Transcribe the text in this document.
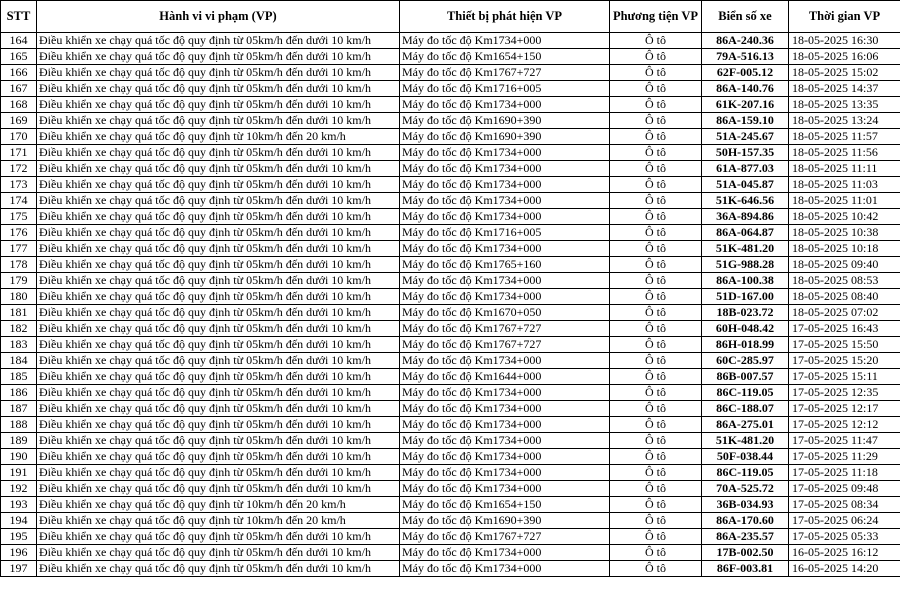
STT	Hành vi vi phạm (VP)	Thiết bị phát hiện VP	Phương tiện VP	Biển số xe	Thời gian VP
164	Điều khiển xe chạy quá tốc độ quy định từ 05km/h đến dưới 10 km/h	Máy đo tốc độ Km1734+000	Ô tô	86A-240.36	18-05-2025 16:30
165	Điều khiển xe chạy quá tốc độ quy định từ 05km/h đến dưới 10 km/h	Máy đo tốc độ Km1654+150	Ô tô	79A-516.13	18-05-2025 16:06
166	Điều khiển xe chạy quá tốc độ quy định từ 05km/h đến dưới 10 km/h	Máy đo tốc độ Km1767+727	Ô tô	62F-005.12	18-05-2025 15:02
167	Điều khiển xe chạy quá tốc độ quy định từ 05km/h đến dưới 10 km/h	Máy đo tốc độ Km1716+005	Ô tô	86A-140.76	18-05-2025 14:37
168	Điều khiển xe chạy quá tốc độ quy định từ 05km/h đến dưới 10 km/h	Máy đo tốc độ Km1734+000	Ô tô	61K-207.16	18-05-2025 13:35
169	Điều khiển xe chạy quá tốc độ quy định từ 05km/h đến dưới 10 km/h	Máy đo tốc độ Km1690+390	Ô tô	86A-159.10	18-05-2025 13:24
170	Điều khiển xe chạy quá tốc độ quy định từ 10km/h đến 20 km/h	Máy đo tốc độ Km1690+390	Ô tô	51A-245.67	18-05-2025 11:57
171	Điều khiển xe chạy quá tốc độ quy định từ 05km/h đến dưới 10 km/h	Máy đo tốc độ Km1734+000	Ô tô	50H-157.35	18-05-2025 11:56
172	Điều khiển xe chạy quá tốc độ quy định từ 05km/h đến dưới 10 km/h	Máy đo tốc độ Km1734+000	Ô tô	61A-877.03	18-05-2025 11:11
173	Điều khiển xe chạy quá tốc độ quy định từ 05km/h đến dưới 10 km/h	Máy đo tốc độ Km1734+000	Ô tô	51A-045.87	18-05-2025 11:03
174	Điều khiển xe chạy quá tốc độ quy định từ 05km/h đến dưới 10 km/h	Máy đo tốc độ Km1734+000	Ô tô	51K-646.56	18-05-2025 11:01
175	Điều khiển xe chạy quá tốc độ quy định từ 05km/h đến dưới 10 km/h	Máy đo tốc độ Km1734+000	Ô tô	36A-894.86	18-05-2025 10:42
176	Điều khiển xe chạy quá tốc độ quy định từ 05km/h đến dưới 10 km/h	Máy đo tốc độ Km1716+005	Ô tô	86A-064.87	18-05-2025 10:38
177	Điều khiển xe chạy quá tốc độ quy định từ 05km/h đến dưới 10 km/h	Máy đo tốc độ Km1734+000	Ô tô	51K-481.20	18-05-2025 10:18
178	Điều khiển xe chạy quá tốc độ quy định từ 05km/h đến dưới 10 km/h	Máy đo tốc độ Km1765+160	Ô tô	51G-988.28	18-05-2025 09:40
179	Điều khiển xe chạy quá tốc độ quy định từ 05km/h đến dưới 10 km/h	Máy đo tốc độ Km1734+000	Ô tô	86A-100.38	18-05-2025 08:53
180	Điều khiển xe chạy quá tốc độ quy định từ 05km/h đến dưới 10 km/h	Máy đo tốc độ Km1734+000	Ô tô	51D-167.00	18-05-2025 08:40
181	Điều khiển xe chạy quá tốc độ quy định từ 05km/h đến dưới 10 km/h	Máy đo tốc độ Km1670+050	Ô tô	18B-023.72	18-05-2025 07:02
182	Điều khiển xe chạy quá tốc độ quy định từ 05km/h đến dưới 10 km/h	Máy đo tốc độ Km1767+727	Ô tô	60H-048.42	17-05-2025 16:43
183	Điều khiển xe chạy quá tốc độ quy định từ 05km/h đến dưới 10 km/h	Máy đo tốc độ Km1767+727	Ô tô	86H-018.99	17-05-2025 15:50
184	Điều khiển xe chạy quá tốc độ quy định từ 05km/h đến dưới 10 km/h	Máy đo tốc độ Km1734+000	Ô tô	60C-285.97	17-05-2025 15:20
185	Điều khiển xe chạy quá tốc độ quy định từ 05km/h đến dưới 10 km/h	Máy đo tốc độ Km1644+000	Ô tô	86B-007.57	17-05-2025 15:11
186	Điều khiển xe chạy quá tốc độ quy định từ 05km/h đến dưới 10 km/h	Máy đo tốc độ Km1734+000	Ô tô	86C-119.05	17-05-2025 12:35
187	Điều khiển xe chạy quá tốc độ quy định từ 05km/h đến dưới 10 km/h	Máy đo tốc độ Km1734+000	Ô tô	86C-188.07	17-05-2025 12:17
188	Điều khiển xe chạy quá tốc độ quy định từ 05km/h đến dưới 10 km/h	Máy đo tốc độ Km1734+000	Ô tô	86A-275.01	17-05-2025 12:12
189	Điều khiển xe chạy quá tốc độ quy định từ 05km/h đến dưới 10 km/h	Máy đo tốc độ Km1734+000	Ô tô	51K-481.20	17-05-2025 11:47
190	Điều khiển xe chạy quá tốc độ quy định từ 05km/h đến dưới 10 km/h	Máy đo tốc độ Km1734+000	Ô tô	50F-038.44	17-05-2025 11:29
191	Điều khiển xe chạy quá tốc độ quy định từ 05km/h đến dưới 10 km/h	Máy đo tốc độ Km1734+000	Ô tô	86C-119.05	17-05-2025 11:18
192	Điều khiển xe chạy quá tốc độ quy định từ 05km/h đến dưới 10 km/h	Máy đo tốc độ Km1734+000	Ô tô	70A-525.72	17-05-2025 09:48
193	Điều khiển xe chạy quá tốc độ quy định từ 10km/h đến 20 km/h	Máy đo tốc độ Km1654+150	Ô tô	36B-034.93	17-05-2025 08:34
194	Điều khiển xe chạy quá tốc độ quy định từ 10km/h đến 20 km/h	Máy đo tốc độ Km1690+390	Ô tô	86A-170.60	17-05-2025 06:24
195	Điều khiển xe chạy quá tốc độ quy định từ 05km/h đến dưới 10 km/h	Máy đo tốc độ Km1767+727	Ô tô	86A-235.57	17-05-2025 05:33
196	Điều khiển xe chạy quá tốc độ quy định từ 05km/h đến dưới 10 km/h	Máy đo tốc độ Km1734+000	Ô tô	17B-002.50	16-05-2025 16:12
197	Điều khiển xe chạy quá tốc độ quy định từ 05km/h đến dưới 10 km/h	Máy đo tốc độ Km1734+000	Ô tô	86F-003.81	16-05-2025 14:20
